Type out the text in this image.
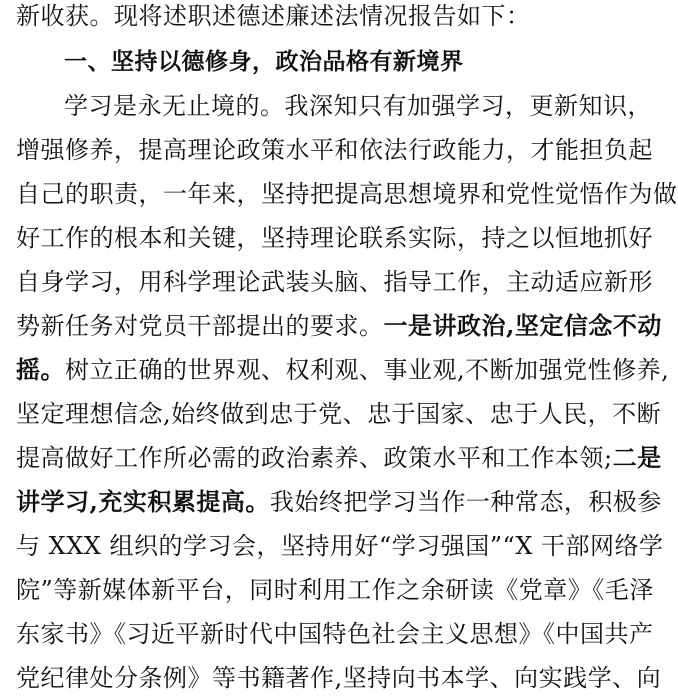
新收获。现将述职述德述廉述法情况报告如下：
一、坚持以德修身，政治品格有新境界
学习是永无止境的。我深知只有加强学习，更新知识，
增强修养，提高理论政策水平和依法行政能力，才能担负起
自己的职责，一年来，坚持把提高思想境界和党性觉悟作为做
好工作的根本和关键，坚持理论联系实际，持之以恒地抓好
自身学习，用科学理论武装头脑、指导工作，主动适应新形
势新任务对党员干部提出的要求。一是讲政治,坚定信念不动
摇。树立正确的世界观、权利观、事业观,不断加强党性修养,
坚定理想信念,始终做到忠于党、忠于国家、忠于人民，不断
提高做好工作所必需的政治素养、政策水平和工作本领;二是
讲学习,充实积累提高。我始终把学习当作一种常态，积极参
与 XXX 组织的学习会，坚持用好“学习强国”“X 干部网络学
院”等新媒体新平台，同时利用工作之余研读《党章》《毛泽
东家书》《习近平新时代中国特色社会主义思想》《中国共产
党纪律处分条例》等书籍著作,坚持向书本学、向实践学、向
